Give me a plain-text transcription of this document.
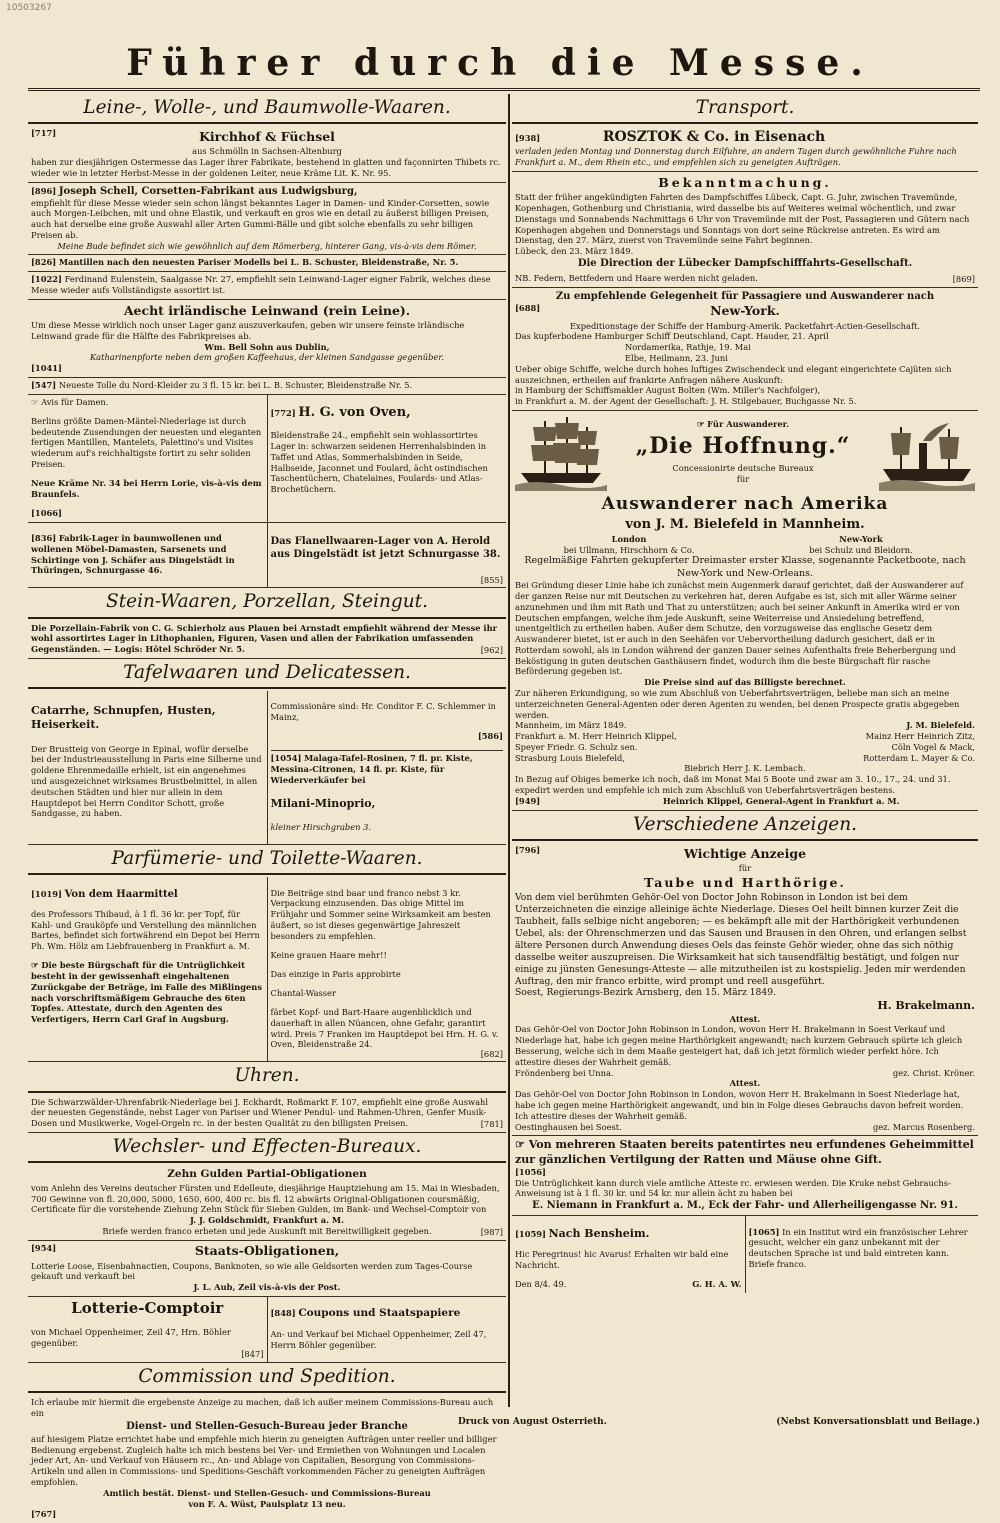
10503267
Führer durch die Messe.
Leine-, Wolle-, und Baumwolle-Waaren.
[717]	Kirchhof & Füchsel

aus Schmölln in Sachsen-Altenburg

haben zur diesjährigen Ostermesse das Lager ihrer Fabrikate, bestehend in glatten und façonnirten Thibets rc. wieder wie in letzter Herbst-Messe in der goldenen Leiter, neue Kräme Lit. K. Nr. 95.

[896] Joseph Schell, Corsetten-Fabrikant aus Ludwigsburg,

empfiehlt für diese Messe wieder sein schon längst bekanntes Lager in Damen- und Kinder-Corsetten, sowie auch Morgen-Leibchen, mit und ohne Elastik, und verkauft en gros wie en detail zu äußerst billigen Preisen, auch hat derselbe eine große Auswahl aller Arten Gummi-Bälle und gibt solche ebenfalls zu sehr billigen Preisen ab.

Meine Bude befindet sich wie gewöhnlich auf dem Römerberg, hinterer Gang, vis-à-vis dem Römer.

[826] Mantillen nach den neuesten Pariser Modells bei L. B. Schuster, Bleidenstraße, Nr. 5.

[1022] Ferdinand Eulenstein, Saalgasse Nr. 27, empfiehlt sein Leinwand-Lager eigner Fabrik, welches diese Messe wieder aufs Vollständigste assortirt ist.

Aecht irländische Leinwand (rein Leine).

Um diese Messe wirklich noch unser Lager ganz auszuverkaufen, geben wir unsere feinste irländische Leinwand grade für die Hälfte des Fabrikpreises ab.

Wm. Bell Sohn aus Dublin,

Katharinenpforte neben dem großen Kaffeehaus, der kleinen Sandgasse gegenüber.

[1041]

[547] Neueste Tolle du Nord-Kleider zu 3 fl. 15 kr. bei L. B. Schuster, Bleidenstraße Nr. 5.

☞ Avis für Damen.

Berlins größte Damen-Mäntel-Niederlage ist durch bedeutende Zusendungen der neuesten und eleganten fertigen Mantillen, Mantelets, Palettino's und Visites wiederum auf's reichhaltigste fortirt zu sehr soliden Preisen.

Neue Kräme Nr. 34 bei Herrn Lorie, vis-à-vis dem Braunfels.

[1066]

[772] H. G. von Oven,

Bleidenstraße 24., empfiehlt sein wohlassortirtes Lager in: schwarzen seidenen Herrenhalsbinden in Taffet und Atlas, Sommerhalsbinden in Seide, Halbseide, Jaconnet und Foulard, ächt ostindischen Taschentüchern, Chatelaines, Foulards- und Atlas-Brochetüchern.

[836] Fabrik-Lager in baumwollenen und wollenen Möbel-Damasten, Sarsenets und Schirtinge von J. Schäfer aus Dingelstädt in Thüringen, Schnurgasse 46.

Das Flanellwaaren-Lager von A. Herold aus Dingelstädt ist jetzt Schnurgasse 38.

[855]
Stein-Waaren, Porzellan, Steingut.

Die Porzellain-Fabrik von C. G. Schierholz aus Plauen bei Arnstadt empfiehlt während der Messe ihr wohl assortirtes Lager in Lithophanien, Figuren, Vasen und allen der Fabrikation umfassenden Gegenständen. — Logis: Hôtel Schröder Nr. 5.	[962]
Tafelwaaren und Delicatessen.

Catarrhe, Schnupfen, Husten, Heiserkeit.

Der Brustteig von George in Epinal, wofür derselbe bei der Industrieausstellung in Paris eine Silberne und goldene Ehrenmedaille erhielt, ist ein angenehmes und ausgezeichnet wirksames Brustbelmittel, in allen deutschen Städten und hier nur allein in dem Hauptdepot bei Herrn Conditor Schott, große Sandgasse, zu haben.

Commissionäre sind: Hr. Conditor F. C. Schlemmer in Mainz,

[586]

[1054] Malaga-Tafel-Rosinen, 7 fl. pr. Kiste, Messina-Citronen, 14 fl. pr. Kiste, für Wiederverkäufer bei

Milani-Minoprio,

kleiner Hirschgraben 3.

Parfümerie- und Toilette-Waaren.

[1019] Von dem Haarmittel

des Professors Thibaud, à 1 fl. 36 kr. per Topf, für Kahl- und Grauköpfe und Verstellung des männlichen Bartes, befindet sich fortwährend ein Depot bei Herrn Ph. Wm. Hölz am Liebfrauenberg in Frankfurt a. M.

☞ Die beste Bürgschaft für die Untrüglichkeit besteht in der gewissenhaft eingehaltenen Zurückgabe der Beträge, im Falle des Mißlingens nach vorschriftsmäßigem Gebrauche des 6ten Topfes. Attestate, durch den Agenten des Verfertigers, Herrn Carl Graf in Augsburg.

Die Beiträge sind baar und franco nebst 3 kr. Verpackung einzusenden. Das obige Mittel im Frühjahr und Sommer seine Wirksamkeit am besten äußert, so ist dieses gegenwärtige Jahreszeit besonders zu empfehlen.

Keine grauen Haare mehr!!

Das einzige in Paris approbirte

Chantal-Wasser

färbet Kopf- und Bart-Haare augenblicklich und dauerhaft in allen Nüancen, ohne Gefahr, garantirt wird. Preis 7 Franken im Hauptdepot bei Hrn. H. G. v. Oven, Bleidenstraße 24.

[682]
Uhren.

Die Schwarzwälder-Uhrenfabrik-Niederlage bei J. Eckhardt, Roßmarkt F. 107, empfiehlt eine große Auswahl der neuesten Gegenstände, nebst Lager von Pariser und Wiener Pendul- und Rahmen-Uhren, Genfer Musik-Dosen und Musikwerke, Vogel-Orgeln rc. in der besten Qualität zu den billigsten Preisen.	[781]
Wechsler- und Effecten-Bureaux.
Zehn Gulden Partial-Obligationen

vom Anlehn des Vereins deutscher Fürsten und Edelleute, diesjährige Hauptziehung am 15. Mai in Wiesbaden, 700 Gewinne von fl. 20,000, 5000, 1650, 600, 400 rc. bis fl. 12 abwärts Original-Obligationen coursmäßig, Certificate für die vorstehende Ziehung Zehn Stück für Sieben Gulden, im Bank- und Wechsel-Comptoir von

J. J. Goldschmidt, Frankfurt a. M.

Briefe werden franco erbeten und jede Auskunft mit Bereitwilligkeit gegeben.	[987]

[954]	Staats-Obligationen,

Lotterie Loose, Eisenbahnactien, Coupons, Banknoten, so wie alle Geldsorten werden zum Tages-Course gekauft und verkauft bei

J. L. Aub, Zeil vis-à-vis der Post.

Lotterie-Comptoir

von Michael Oppenheimer, Zeil 47, Hrn. Böhler gegenüber.

[847]

[848] Coupons und Staatspapiere

An- und Verkauf bei Michael Oppenheimer, Zeil 47, Herrn Böhler gegenüber.

Commission und Spedition.

Ich erlaube mir hiermit die ergebenste Anzeige zu machen, daß ich außer meinem Commissions-Bureau auch ein

Dienst- und Stellen-Gesuch-Bureau jeder Branche

auf hiesigem Platze errichtet habe und empfehle mich hierin zu geneigten Aufträgen unter reeller und billiger Bedienung ergebenst. Zugleich halte ich mich bestens bei Ver- und Ermiethen von Wohnungen und Localen jeder Art, An- und Verkauf von Häusern rc., An- und Ablage von Capitalien, Besorgung von Commissions-Artikeln und allen in Commissions- und Speditions-Geschäft vorkommenden Fächer zu geneigten Aufträgen empfohlen.

Amtlich bestät. Dienst- und Stellen-Gesuch- und Commissions-Bureau

von F. A. Wüst, Paulsplatz 13 neu.

[767]
Transport.

[938]	ROSZTOK & Co. in Eisenach

verladen jeden Montag und Donnerstag durch Eilfuhre, an andern Tagen durch gewöhnliche Fuhre nach Frankfurt a. M., dem Rhein etc., und empfehlen sich zu geneigten Aufträgen.

Bekanntmachung.

Statt der früher angekündigten Fahrten des Dampfschiffes Lübeck, Capt. G. Juhr, zwischen Travemünde, Kopenhagen, Gothenburg und Christiania, wird dasselbe bis auf Weiteres weimal wöchentlich, und zwar Dienstags und Sonnabends Nachmittags 6 Uhr von Travemünde mit der Post, Passagieren und Gütern nach Kopenhagen abgehen und Donnerstags und Sonntags von dort seine Rückreise antreten. Es wird am Dienstag, den 27. März, zuerst von Travemünde seine Fahrt beginnen.

Lübeck, den 23. März 1849.

Die Direction der Lübecker Dampfschifffahrts-Gesellschaft.

NB. Federn, Bettfedern und Haare werden nicht geladen.	[869]

Zu empfehlende Gelegenheit für Passagiere und Auswanderer nach

[688]	New-York.

Expeditionstage der Schiffe der Hamburg-Amerik. Packetfahrt-Actien-Gesellschaft.

Das kupferbodene Hamburger Schiff Deutschland, Capt. Hauder, 21. April

Nordamerika, Rathje, 19. Mai

Elbe, Heilmann, 23. Juni

Ueber obige Schiffe, welche durch hohes luftiges Zwischendeck und elegant eingerichtete Cajüten sich auszeichnen, ertheilen auf frankirte Anfragen nähere Auskunft:

in Hamburg der Schiffsmakler August Bolten (Wm. Miller's Nachfolger),

in Frankfurt a. M. der Agent der Gesellschaft: J. H. Stilgebauer, Buchgasse Nr. 5.

☞ Für Auswanderer.

„Die Hoffnung.“

Concessionirte deutsche Bureaux

für

Auswanderer nach Amerika

von J. M. Bielefeld in Mannheim.

London

bei Ullmann, Hirschhorn & Co.

New-York

bei Schulz und Bleidorn.

Regelmäßige Fahrten gekupferter Dreimaster erster Klasse, sogenannte Packetboote, nach New-York und New-Orleans.

Bei Gründung dieser Linie habe ich zunächst mein Augenmerk darauf gerichtet, daß der Auswanderer auf der ganzen Reise nur mit Deutschen zu verkehren hat, deren Aufgabe es ist, sich mit aller Wärme seiner anzunehmen und ihm mit Rath und That zu unterstützen; auch bei seiner Ankunft in Amerika wird er von Deutschen empfangen, welche ihm jede Auskunft, seine Weiterreise und Ansiedelung betreffend, unentgeltlich zu ertheilen haben. Außer dem Schutze, den vorzugsweise das englische Gesetz dem Auswanderer bietet, ist er auch in den Seehäfen vor Uebervortheilung dadurch gesichert, daß er in Rotterdam sowohl, als in London während der ganzen Dauer seines Aufenthalts freie Beherbergung und Beköstigung in guten deutschen Gasthäusern findet, wodurch ihm die beste Bürgschaft für rasche Beförderung gegeben ist.

Die Preise sind auf das Billigste berechnet.

Zur näheren Erkundigung, so wie zum Abschluß von Ueberfahrtsverträgen, beliebe man sich an meine unterzeichneten General-Agenten oder deren Agenten zu wenden, bei denen Prospecte gratis abgegeben werden.

Mannheim, im März 1849.	J. M. Bielefeld.
Frankfurt a. M. Herr Heinrich Klippel,	Mainz Herr Heinrich Zitz,
Speyer Friedr. G. Schulz sen.	Cöln Vogel & Mack,
Strasburg Louis Bielefeld,	Rotterdam L. Mayer & Co.

Biebrich Herr J. K. Lembach.

In Bezug auf Obiges bemerke ich noch, daß im Monat Mai 5 Boote und zwar am 3. 10., 17., 24. und 31. expedirt werden und empfehle ich mich zum Abschluß von Ueberfahrtsverträgen bestens.

[949]	Heinrich Klippel, General-Agent in Frankfurt a. M.

Verschiedene Anzeigen.

[796]	Wichtige Anzeige

für

Taube und Harthörige.

Von dem viel berühmten Gehör-Oel von Doctor John Robinson in London ist bei dem Unterzeichneten die einzige alleinige ächte Niederlage. Dieses Oel heilt binnen kurzer Zeit die Taubheit, falls selbige nicht angeboren; — es bekämpft alle mit der Harthörigkeit verbundenen Uebel, als: der Ohrenschmerzen und das Sausen und Brausen in den Ohren, und erlangen selbst ältere Personen durch Anwendung dieses Oels das feinste Gehör wieder, ohne das sich nöthig dasselbe weiter auszupreisen. Die Wirksamkeit hat sich tausendfältig bestätigt, und folgen nur einige zu jünsten Genesungs-Atteste — alle mitzutheilen ist zu kostspielig. Jeden mir werdenden Auftrag, den mir franco erbitte, wird prompt und reell ausgeführt.

Soest, Regierungs-Bezirk Arnsberg, den 15. März 1849.

H. Brakelmann.

Attest.

Das Gehör-Oel von Doctor John Robinson in London, wovon Herr H. Brakelmann in Soest Verkauf und Niederlage hat, habe ich gegen meine Harthörigkeit angewandt; nach kurzem Gebrauch spürte ich gleich Besserung, welche sich in dem Maaße gesteigert hat, daß ich jetzt förmlich wieder perfekt höre. Ich attestire dieses der Wahrheit gemäß.

Fröndenberg bei Unna.	gez. Christ. Kröner.

Attest.

Das Gehör-Oel von Doctor John Robinson in London, wovon Herr H. Brakelmann in Soest Niederlage hat, habe ich gegen meine Harthörigkeit angewandt, und bin in Folge dieses Gebrauchs davon befreit worden. Ich attestire dieses der Wahrheit gemäß.

Oestinghausen bei Soest.	gez. Marcus Rosenberg.

☞ Von mehreren Staaten bereits patentirtes neu erfundenes Geheimmittel zur gänzlichen Vertilgung der Ratten und Mäuse ohne Gift.

[1056]

Die Untrüglichkeit kann durch viele amtliche Atteste rc. erwiesen werden. Die Kruke nebst Gebrauchs-Anweisung ist à 1 fl. 30 kr. und 54 kr. nur allein ächt zu haben bei

E. Niemann in Frankfurt a. M., Eck der Fahr- und Allerheiligengasse Nr. 91.

[1059] Nach Bensheim.

Hic Peregrinus! hic Avarus! Erhalten wir bald eine Nachricht.

Den 8/4. 49.	G. H. A. W.

[1065] In ein Institut wird ein französischer Lehrer gesucht, welcher ein ganz unbekannt mit der deutschen Sprache ist und bald eintreten kann. Briefe franco.

Druck von August Osterrieth.	(Nebst Konversationsblatt und Beilage.)
